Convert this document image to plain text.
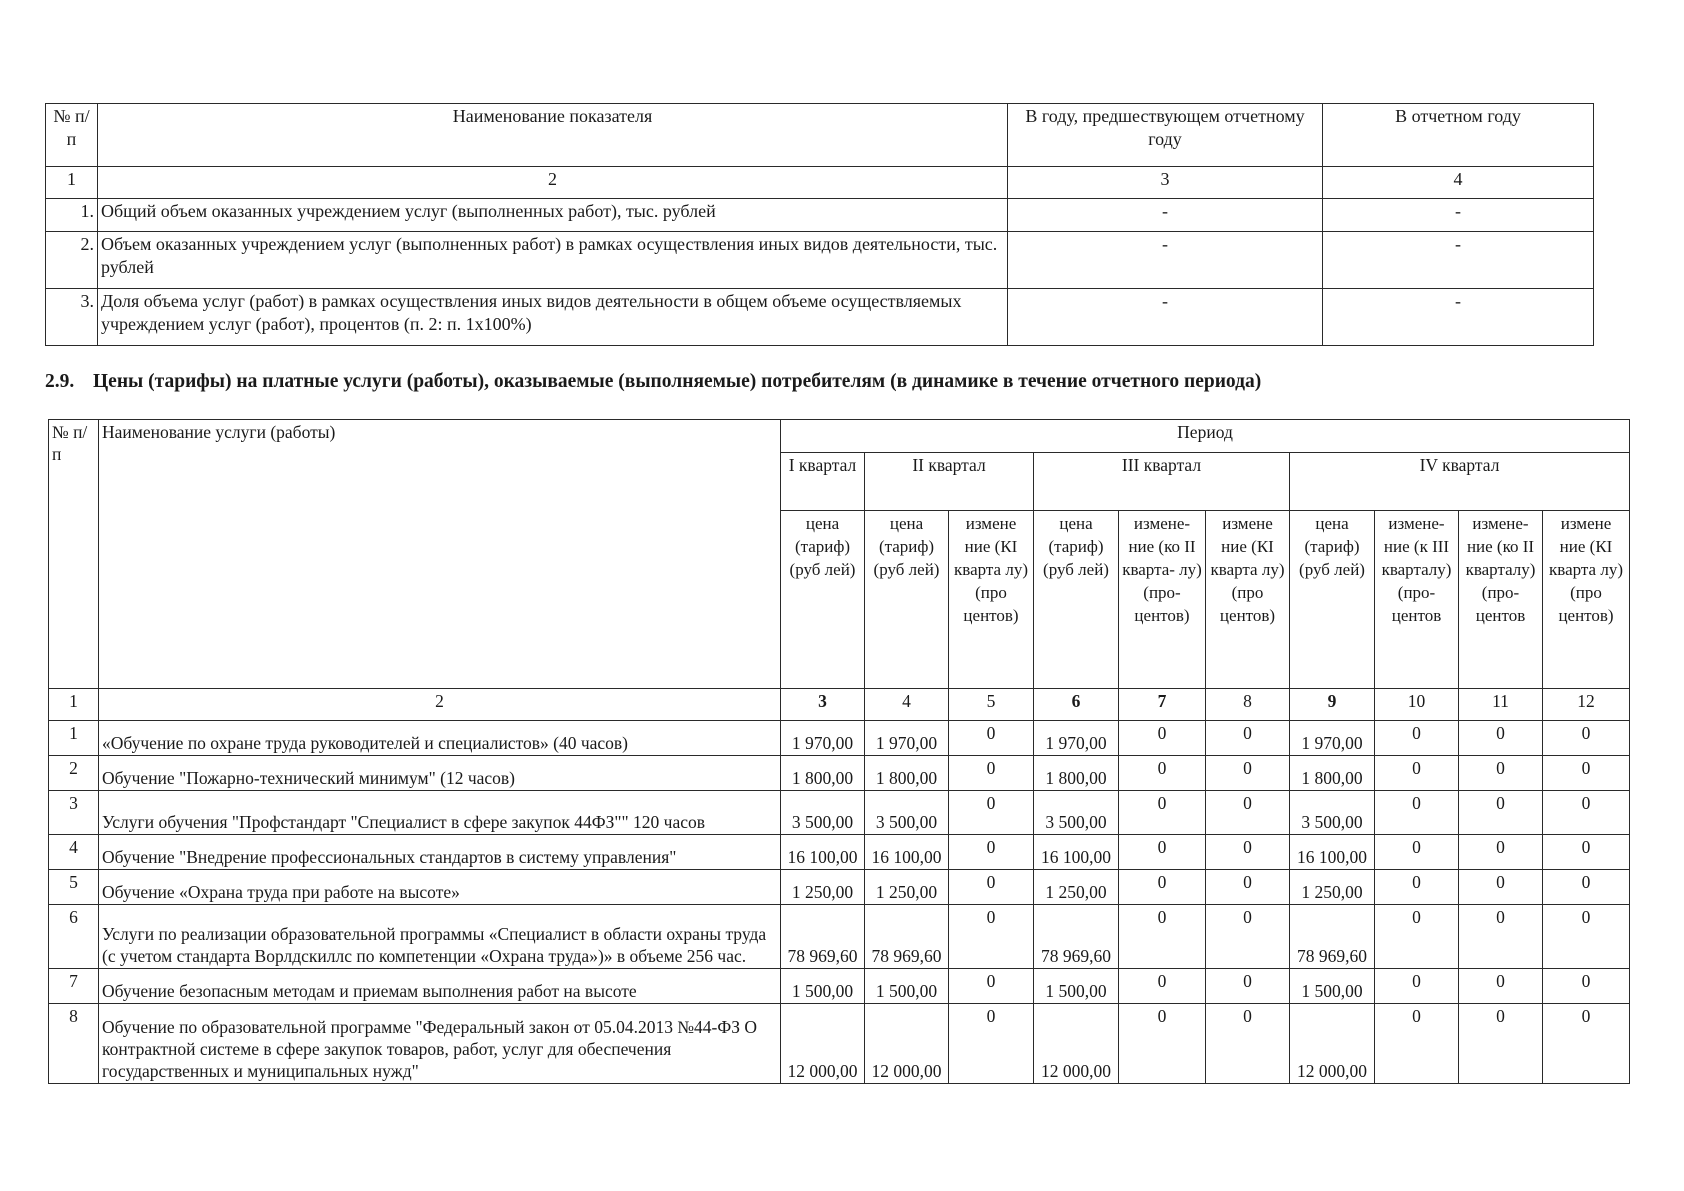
№ п/п	Наименование показателя	В году, предшествующем отчетному году	В отчетном году
1	2	3	4
1.	Общий объем оказанных учреждением услуг (выполненных работ), тыс. рублей	-	-
2.	Объем оказанных учреждением услуг (выполненных работ) в рамках осуществления иных видов деятельности, тыс. рублей	-	-
3.	Доля объема услуг (работ) в рамках осуществления иных видов деятельности в общем объеме осуществляемых учреждением услуг (работ), процентов (п. 2: п. 1x100%)	-	-
2.9. Цены (тарифы) на платные услуги (работы), оказываемые (выполняемые) потребителям (в динамике в течение отчетного периода)
№ п/п	Наименование услуги (работы)	Период									
		I квартал	II квартал		III квартал			IV квартал			
		цена (тариф) (руб лей)	цена (тариф) (руб лей)	измене ние (КI кварта лу) (про центов)	цена (тариф) (руб лей)	измене- ние (ко II кварта- лу) (про- центов)	измене ние (КI кварта лу) (про центов)	цена (тариф) (руб лей)	измене- ние (к III кварталу) (про- центов	измене- ние (ко II кварталу) (про- центов	измене ние (КI кварта лу) (про центов)
1	2	3	4	5	6	7	8	9	10	11	12
1	«Обучение по охране труда руководителей и специалистов» (40 часов)	1 970,00	1 970,00	0	1 970,00	0	0	1 970,00	0	0	0
2	Обучение "Пожарно-технический минимум" (12 часов)	1 800,00	1 800,00	0	1 800,00	0	0	1 800,00	0	0	0
3	Услуги обучения "Профстандарт "Специалист в сфере закупок 44ФЗ"" 120 часов	3 500,00	3 500,00	0	3 500,00	0	0	3 500,00	0	0	0
4	Обучение "Внедрение профессиональных стандартов в систему управления"	16 100,00	16 100,00	0	16 100,00	0	0	16 100,00	0	0	0
5	Обучение «Охрана труда при работе на высоте»	1 250,00	1 250,00	0	1 250,00	0	0	1 250,00	0	0	0
6	Услуги по реализации образовательной программы «Специалист в области охраны труда (с учетом стандарта Ворлдскиллс по компетенции «Охрана труда»)» в объеме 256 час.	78 969,60	78 969,60	0	78 969,60	0	0	78 969,60	0	0	0
7	Обучение безопасным методам и приемам выполнения работ на высоте	1 500,00	1 500,00	0	1 500,00	0	0	1 500,00	0	0	0
8	Обучение по образовательной программе "Федеральный закон от 05.04.2013 №44-ФЗ О контрактной системе в сфере закупок товаров, работ, услуг для обеспечения государственных и муниципальных нужд"	12 000,00	12 000,00	0	12 000,00	0	0	12 000,00	0	0	0
